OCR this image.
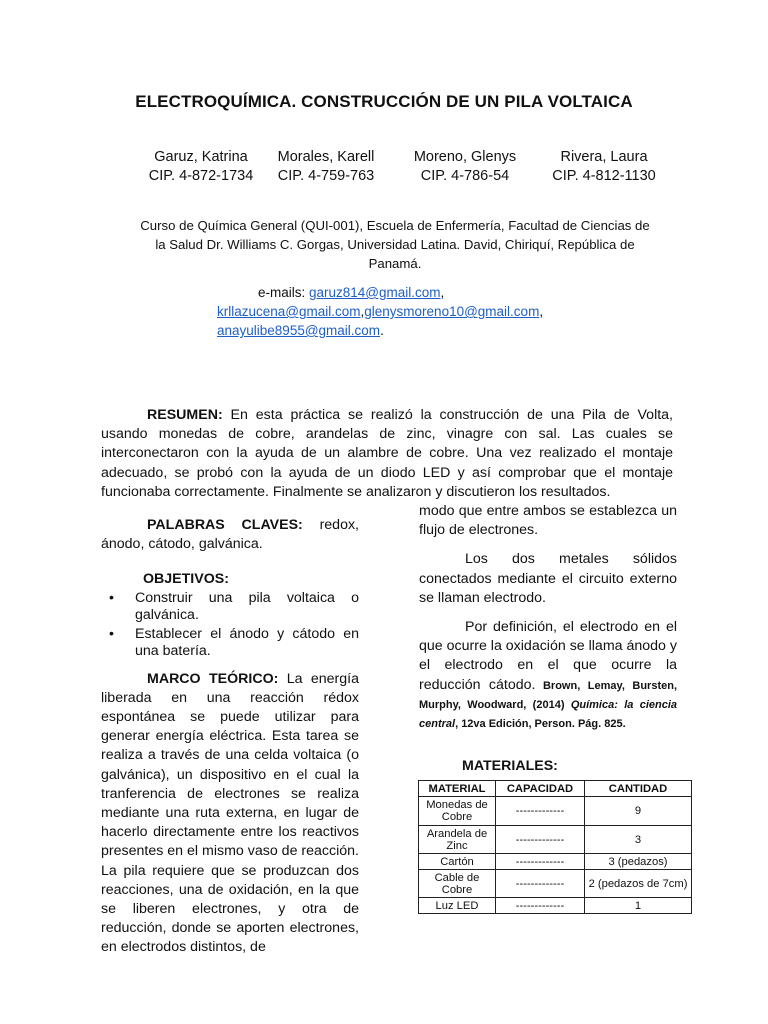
ELECTROQUÍMICA. CONSTRUCCIÓN DE UN PILA VOLTAICA
Garuz, Katrina
CIP. 4-872-1734
Morales, Karell
CIP. 4-759-763
Moreno, Glenys
CIP. 4-786-54
Rivera, Laura
CIP. 4-812-1130
Curso de Química General (QUI-001), Escuela de Enfermería, Facultad de Ciencias de la Salud Dr. Williams C. Gorgas, Universidad Latina. David, Chiriquí, República de Panamá.
e-mails: garuz814@gmail.com,
krllazucena@gmail.com,glenysmoreno10@gmail.com,
anayulibe8955@gmail.com.

RESUMEN: En esta práctica se realizó la construcción de una Pila de Volta, usando monedas de cobre, arandelas de zinc, vinagre con sal. Las cuales se interconectaron con la ayuda de un alambre de cobre. Una vez realizado el montaje adecuado, se probó con la ayuda de un diodo LED y así comprobar que el montaje funcionaba correctamente. Finalmente se analizaron y discutieron los resultados.

PALABRAS CLAVES: redox, ánodo, cátodo, galvánica.

OBJETIVOS:
•	Construir una pila voltaica o galvánica.
•	Establecer el ánodo y cátodo en una batería.

MARCO TEÓRICO: La energía liberada en una reacción rédox espontánea se puede utilizar para generar energía eléctrica. Esta tarea se realiza a través de una celda voltaica (o galvánica), un dispositivo en el cual la tranferencia de electrones se realiza mediante una ruta externa, en lugar de hacerlo directamente entre los reactivos presentes en el mismo vaso de reacción. La pila requiere que se produzcan dos reacciones, una de oxidación, en la que se liberen electrones, y otra de reducción, donde se aporten electrones, en electrodos distintos, de

modo que entre ambos se establezca un flujo de electrones.

Los dos metales sólidos conectados mediante el circuito externo se llaman electrodo.

Por definición, el electrodo en el que ocurre la oxidación se llama ánodo y el electrodo en el que ocurre la reducción cátodo. Brown, Lemay, Bursten, Murphy, Woodward, (2014) Química: la ciencia central, 12va Edición, Person. Pág. 825.

MATERIALES:
MATERIAL	CAPACIDAD	CANTIDAD
Monedas de Cobre	-------------	9
Arandela de Zinc	-------------	3
Cartón	-------------	3 (pedazos)
Cable de Cobre	-------------	2 (pedazos de 7cm)
Luz LED	-------------	1
